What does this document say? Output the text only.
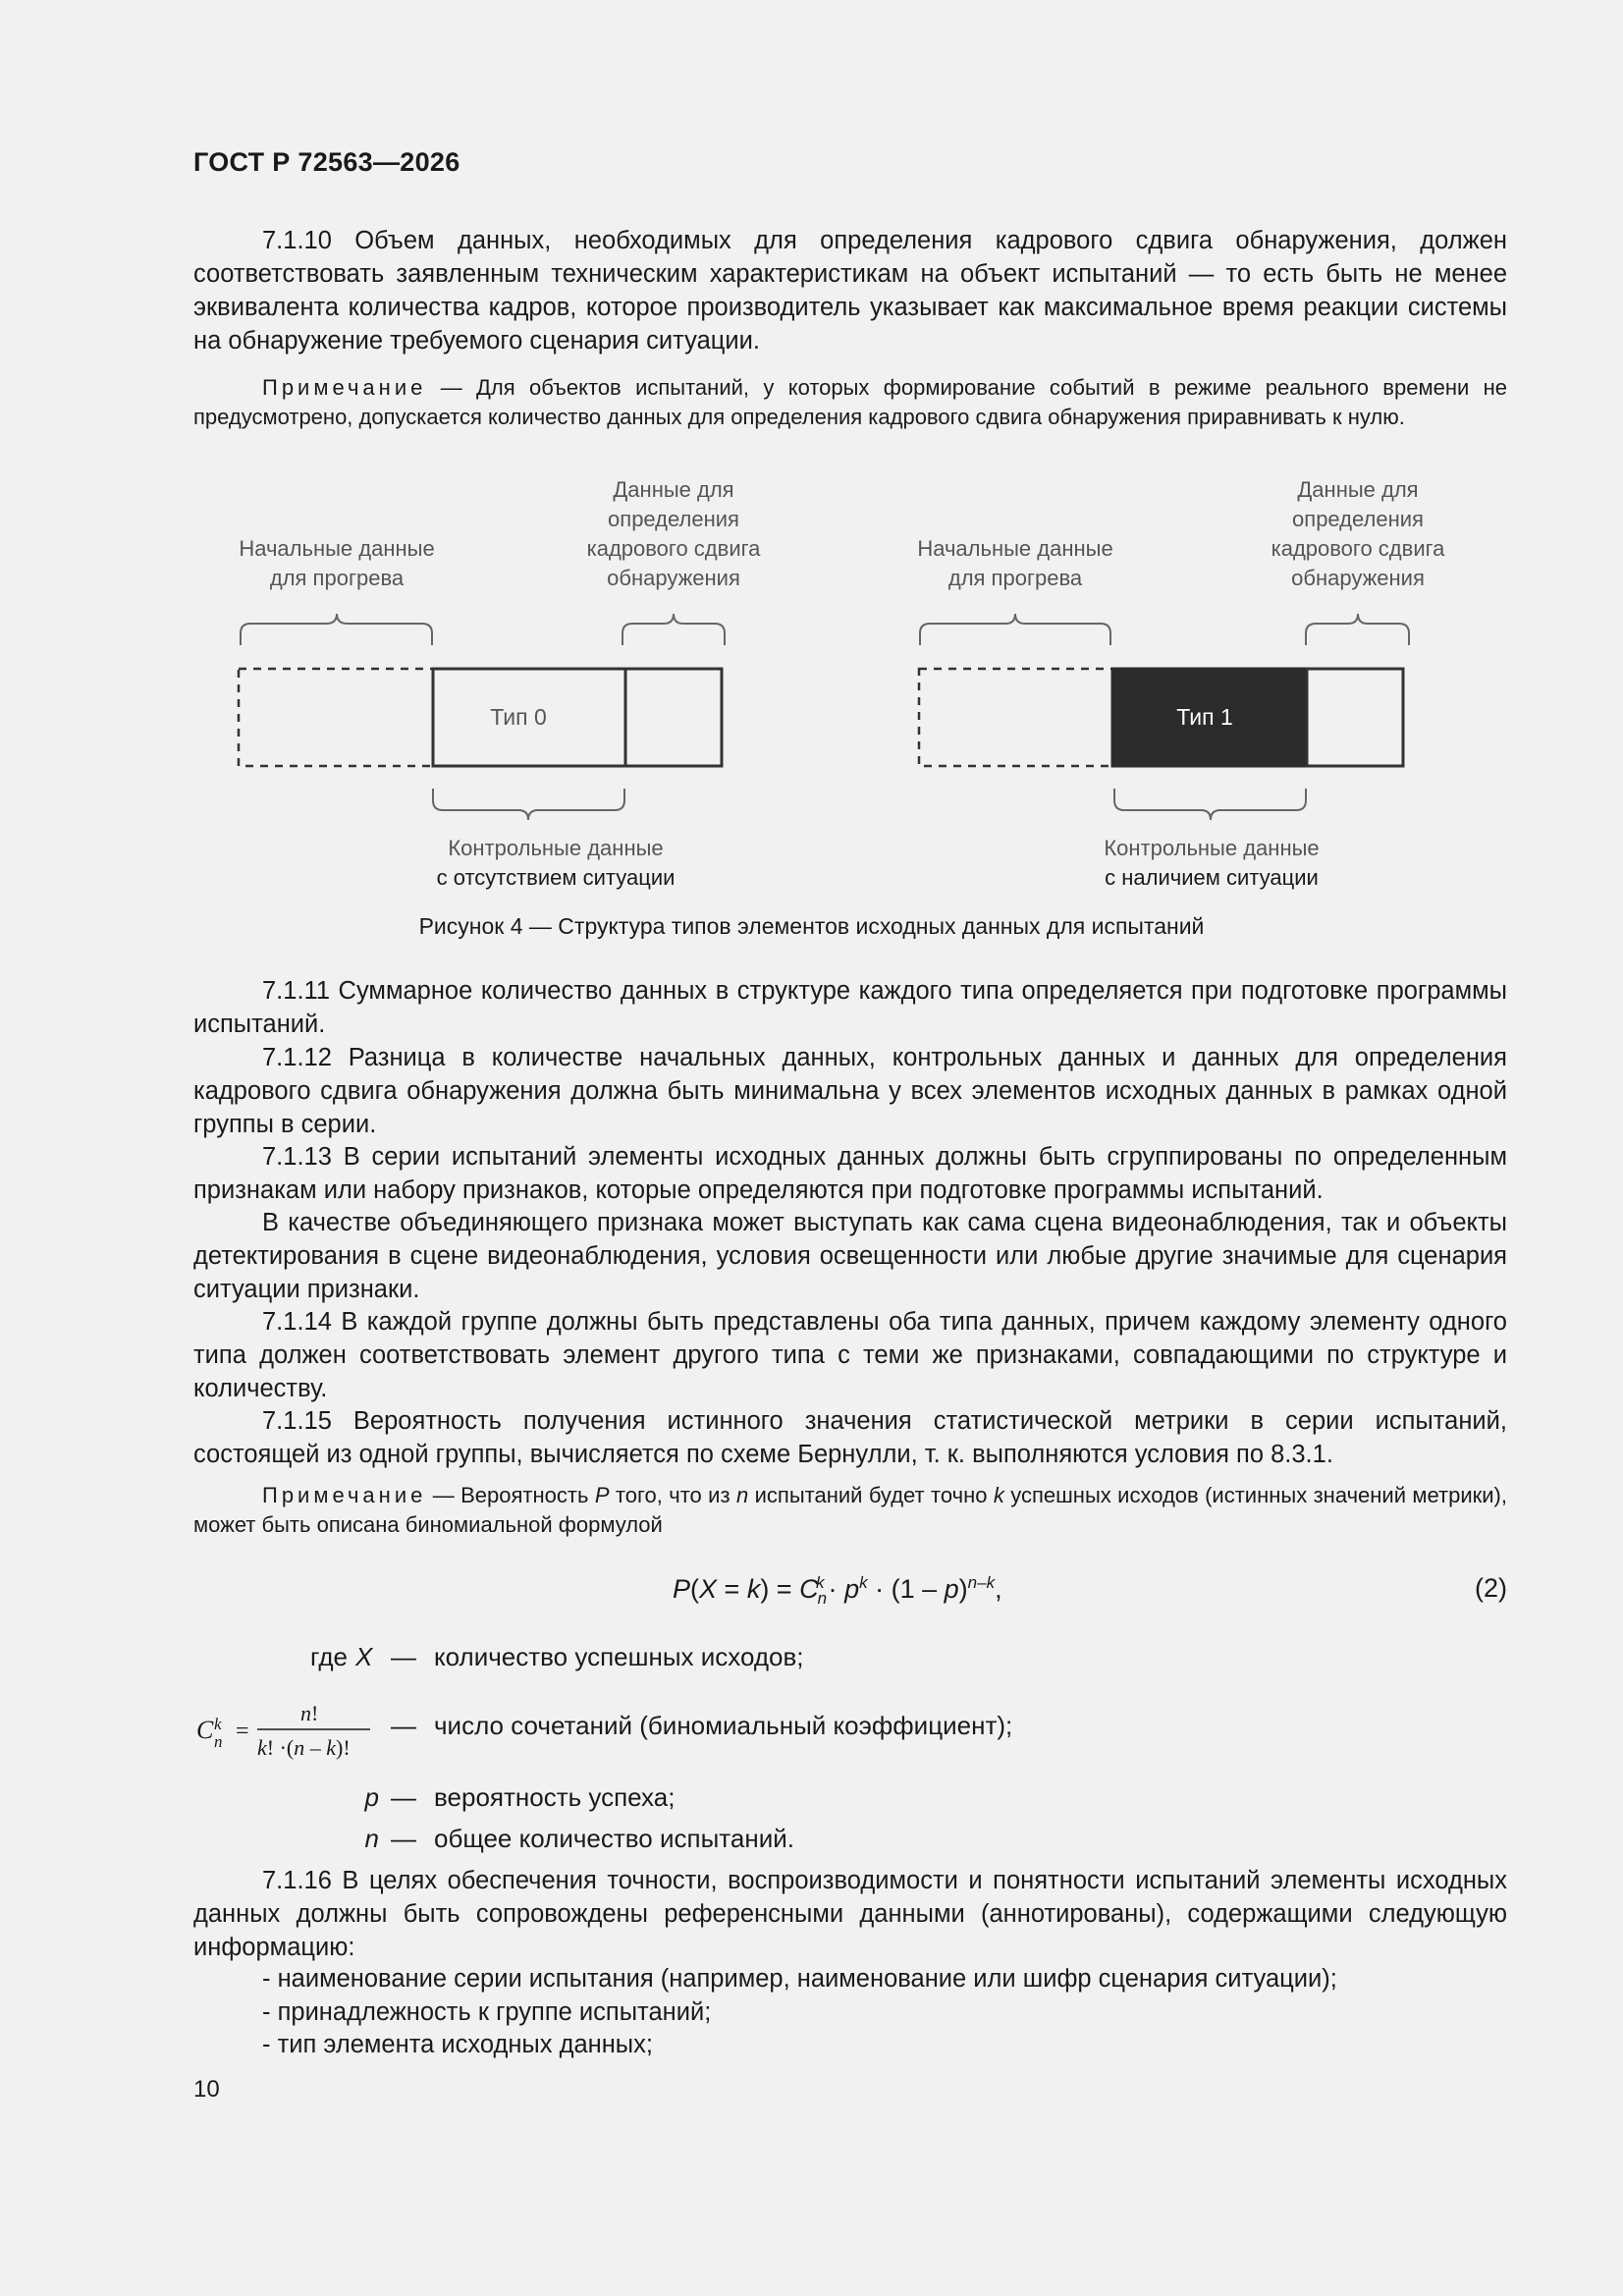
ГОСТ Р 72563—2026
7.1.10 Объем данных, необходимых для определения кадрового сдвига обнаружения, должен соответствовать заявленным техническим характеристикам на объект испытаний — то есть быть не менее эквивалента количества кадров, которое производитель указывает как максимальное время реакции системы на обнаружение требуемого сценария ситуации.
Примечание — Для объектов испытаний, у которых формирование событий в режиме реального времени не предусмотрено, допускается количество данных для определения кадрового сдвига обнаружения приравнивать к нулю.
Начальные данные
для прогрева
Данные для
определения
кадрового сдвига
обнаружения
Начальные данные
для прогрева
Данные для
определения
кадрового сдвига
обнаружения
Тип 0	Тип 1
Контрольные данные
с отсутствием ситуации
Контрольные данные
с наличием ситуации
Рисунок 4 — Структура типов элементов исходных данных для испытаний
7.1.11 Суммарное количество данных в структуре каждого типа определяется при подготовке программы испытаний.
7.1.12 Разница в количестве начальных данных, контрольных данных и данных для определения кадрового сдвига обнаружения должна быть минимальна у всех элементов исходных данных в рамках одной группы в серии.
7.1.13 В серии испытаний элементы исходных данных должны быть сгруппированы по определенным признакам или набору признаков, которые определяются при подготовке программы испытаний.
В качестве объединяющего признака может выступать как сама сцена видеонаблюдения, так и объекты детектирования в сцене видеонаблюдения, условия освещенности или любые другие значимые для сценария ситуации признаки.
7.1.14 В каждой группе должны быть представлены оба типа данных, причем каждому элементу одного типа должен соответствовать элемент другого типа с теми же признаками, совпадающими по структуре и количеству.
7.1.15 Вероятность получения истинного значения статистической метрики в серии испытаний, состоящей из одной группы, вычисляется по схеме Бернулли, т. к. выполняются условия по 8.3.1.
Примечание — Вероятность P того, что из n испытаний будет точно k успешных исходов (истинных значений метрики), может быть описана биномиальной формулой
$P(X = k) = C_n^k \cdot p^k \cdot (1 - p)^{n-k}$,	(2)
где X — количество успешных исходов;
C n
k =
n!
k! ·(n – k)!
— число сочетаний (биномиальный коэффициент);
p — вероятность успеха;
n — общее количество испытаний.
7.1.16 В целях обеспечения точности, воспроизводимости и понятности испытаний элементы исходных данных должны быть сопровождены референсными данными (аннотированы), содержащими следующую информацию:
- наименование серии испытания (например, наименование или шифр сценария ситуации);
- принадлежность к группе испытаний;
- тип элемента исходных данных;
10
